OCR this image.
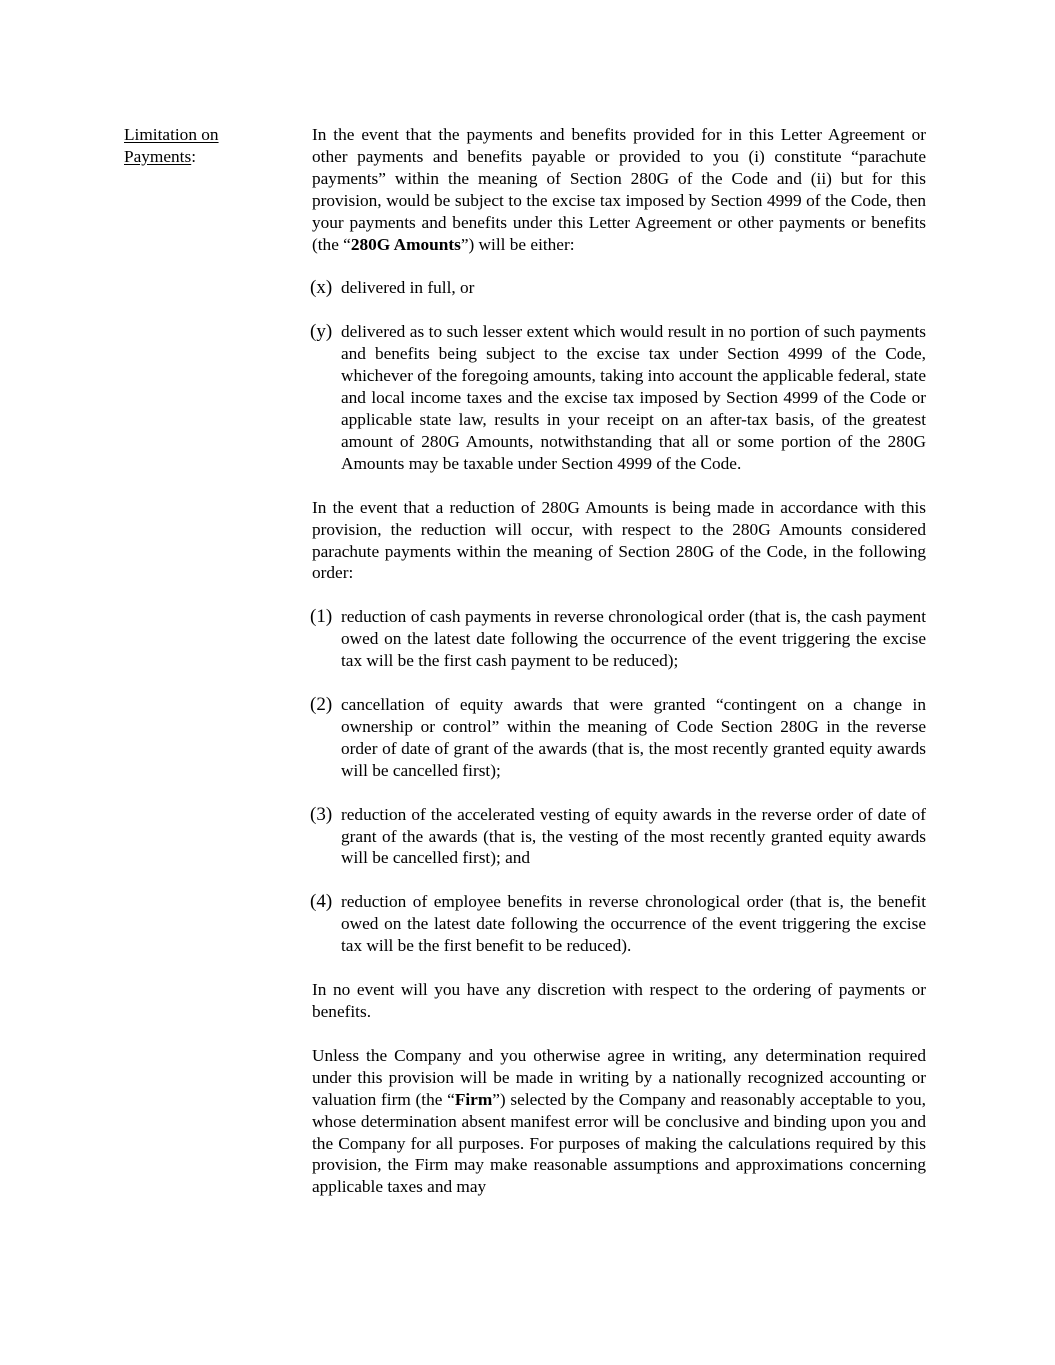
Limitation on
Payments:

In the event that the payments and benefits provided for in this Letter Agreement or other payments and benefits payable or provided to you (i) constitute “parachute payments” within the meaning of Section 280G of the Code and (ii) but for this provision, would be subject to the excise tax imposed by Section 4999 of the Code, then your payments and benefits under this Letter Agreement or other payments or benefits (the “280G Amounts”) will be either:

(x) delivered in full, or

(y) delivered as to such lesser extent which would result in no portion of such payments and benefits being subject to the excise tax under Section 4999 of the Code, whichever of the foregoing amounts, taking into account the applicable federal, state and local income taxes and the excise tax imposed by Section 4999 of the Code or applicable state law, results in your receipt on an after-tax basis, of the greatest amount of 280G Amounts, notwithstanding that all or some portion of the 280G Amounts may be taxable under Section 4999 of the Code.

In the event that a reduction of 280G Amounts is being made in accordance with this provision, the reduction will occur, with respect to the 280G Amounts considered parachute payments within the meaning of Section 280G of the Code, in the following order:

(1) reduction of cash payments in reverse chronological order (that is, the cash payment owed on the latest date following the occurrence of the event triggering the excise tax will be the first cash payment to be reduced);

(2) cancellation of equity awards that were granted “contingent on a change in ownership or control” within the meaning of Code Section 280G in the reverse order of date of grant of the awards (that is, the most recently granted equity awards will be cancelled first);

(3) reduction of the accelerated vesting of equity awards in the reverse order of date of grant of the awards (that is, the vesting of the most recently granted equity awards will be cancelled first); and

(4) reduction of employee benefits in reverse chronological order (that is, the benefit owed on the latest date following the occurrence of the event triggering the excise tax will be the first benefit to be reduced).

In no event will you have any discretion with respect to the ordering of payments or benefits.

Unless the Company and you otherwise agree in writing, any determination required under this provision will be made in writing by a nationally recognized accounting or valuation firm (the “Firm”) selected by the Company and reasonably acceptable to you, whose determination absent manifest error will be conclusive and binding upon you and the Company for all purposes. For purposes of making the calculations required by this provision, the Firm may make reasonable assumptions and approximations concerning applicable taxes and may
